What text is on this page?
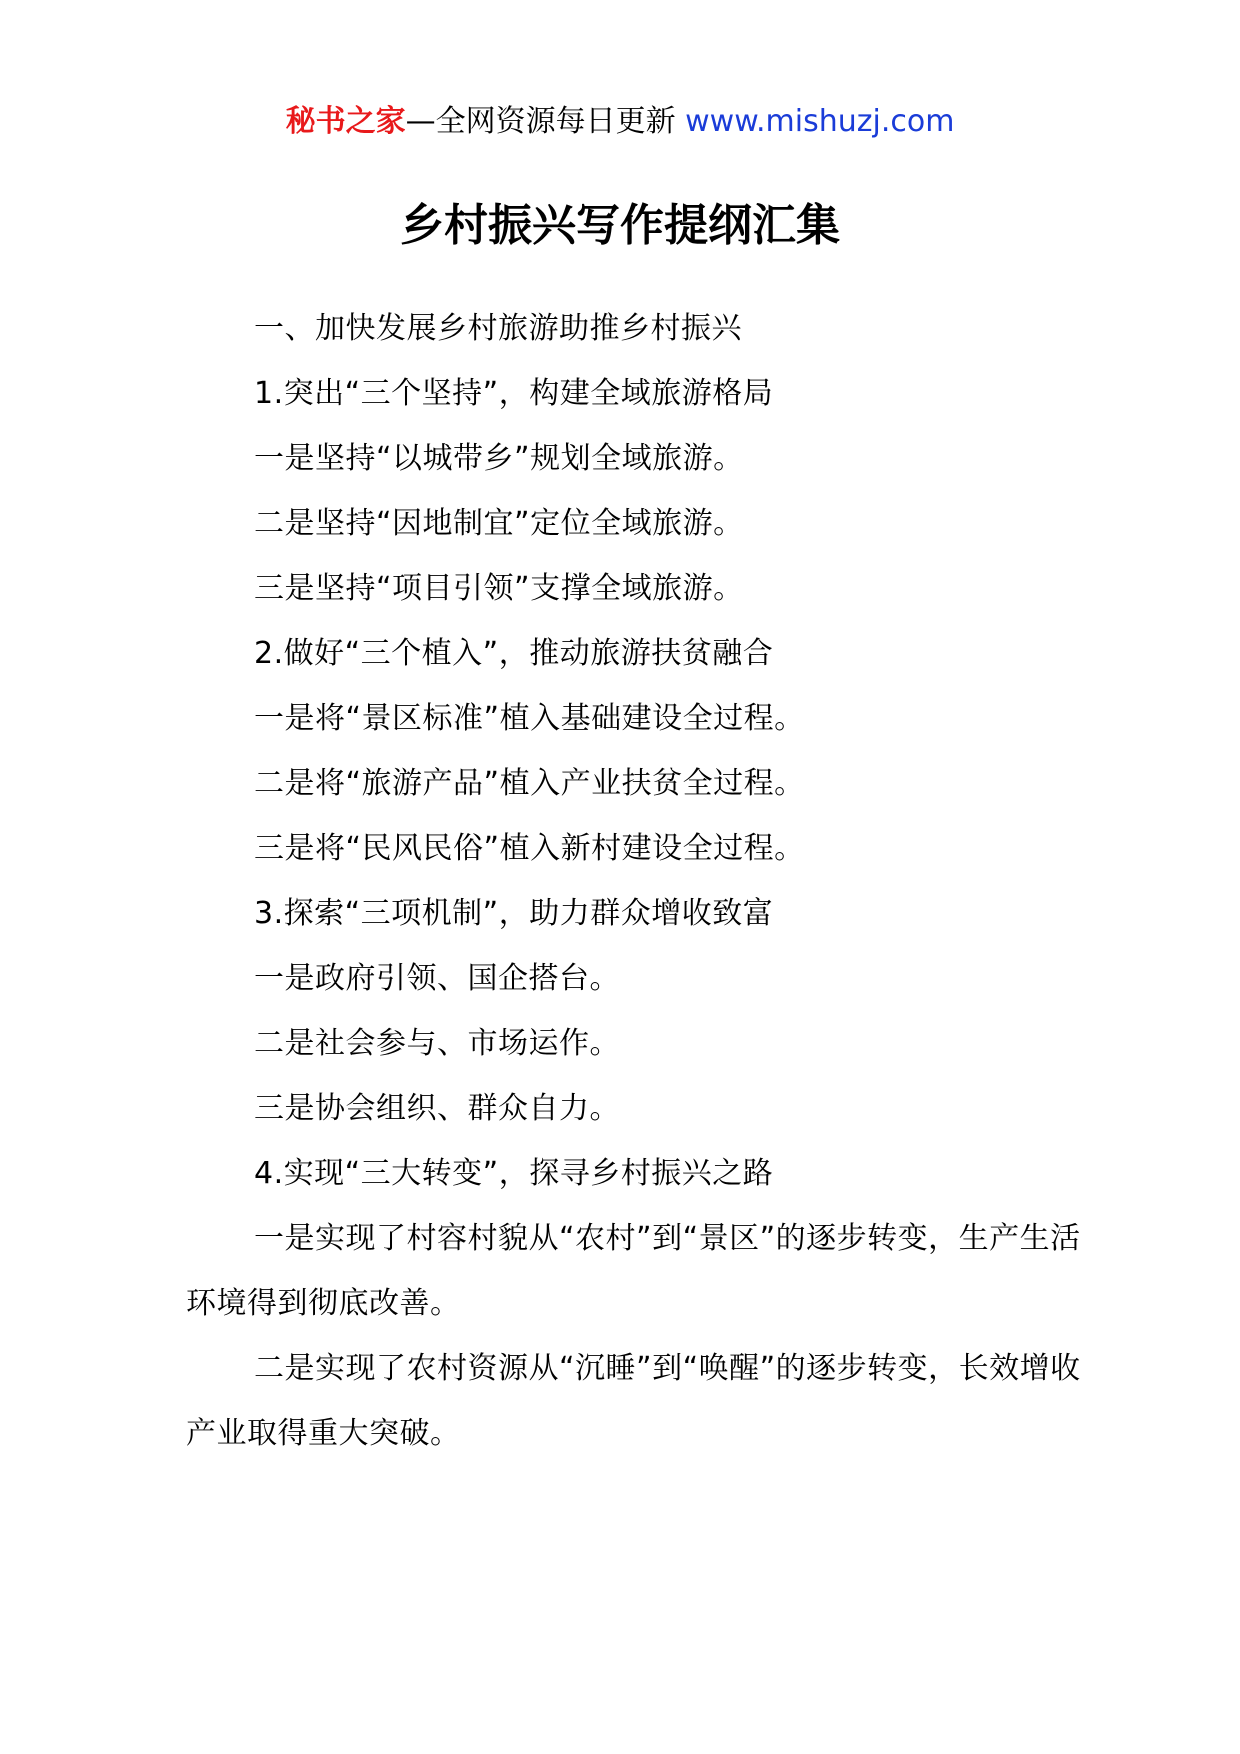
秘书之家—全网资源每日更新 www.mishuzj.com
乡村振兴写作提纲汇集

一、加快发展乡村旅游助推乡村振兴

1.突出“三个坚持”，构建全域旅游格局

一是坚持“以城带乡”规划全域旅游。

二是坚持“因地制宜”定位全域旅游。

三是坚持“项目引领”支撑全域旅游。

2.做好“三个植入”，推动旅游扶贫融合

一是将“景区标准”植入基础建设全过程。

二是将“旅游产品”植入产业扶贫全过程。

三是将“民风民俗”植入新村建设全过程。

3.探索“三项机制”，助力群众增收致富

一是政府引领、国企搭台。

二是社会参与、市场运作。

三是协会组织、群众自力。

4.实现“三大转变”，探寻乡村振兴之路

一是实现了村容村貌从“农村”到“景区”的逐步转变，生产生活环境得到彻底改善。

二是实现了农村资源从“沉睡”到“唤醒”的逐步转变，长效增收产业取得重大突破。
